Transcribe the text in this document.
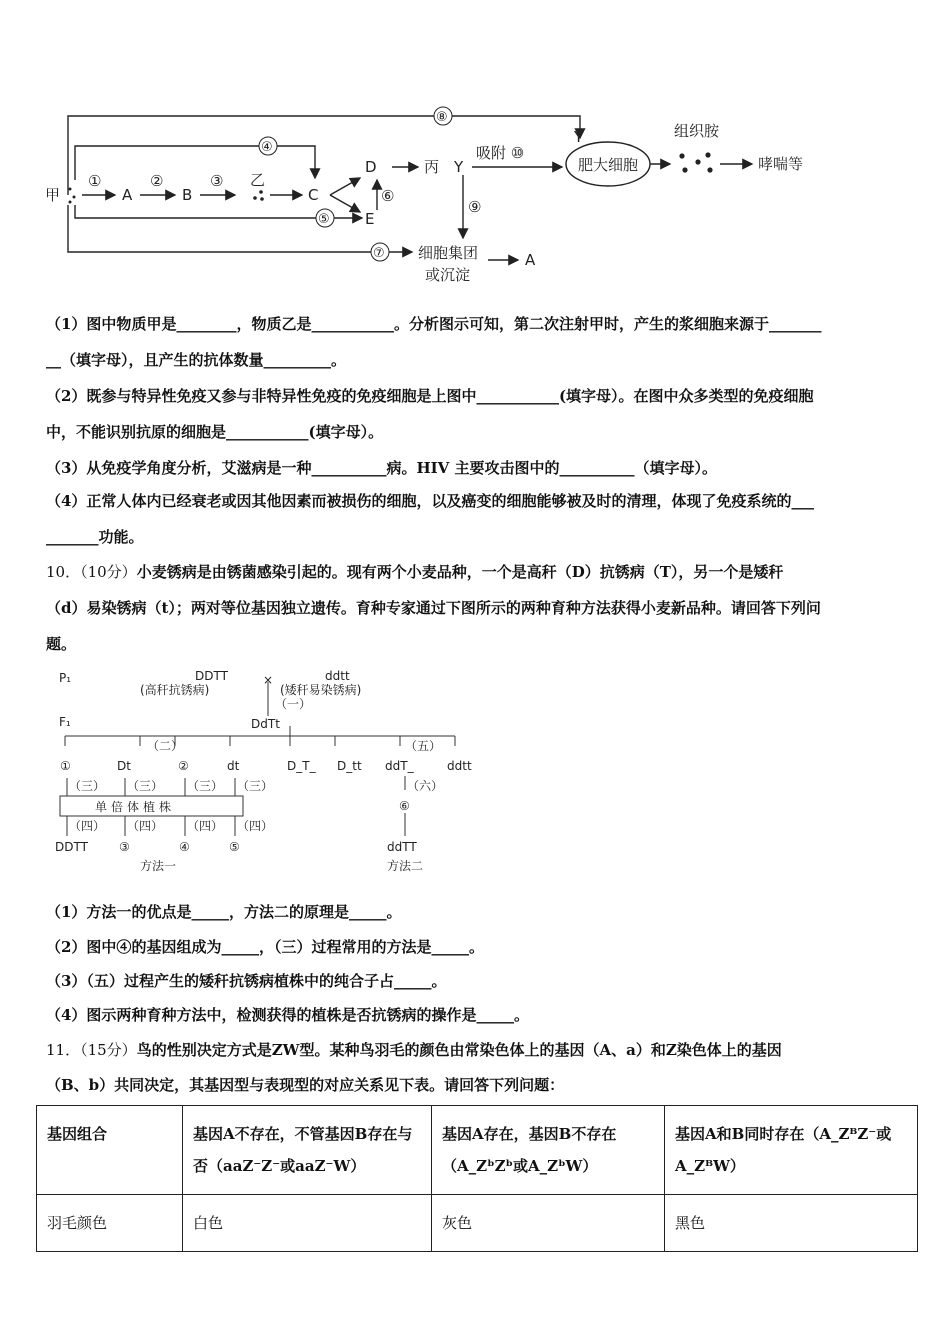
甲
①
A
②
B
③ 乙
C
D
E
⑥
丙 Y
吸附 ⑩
⑨
⑧
④
⑤
⑦
Y
肥大细胞
组织胺
哮喘等
细胞集团
或沉淀
A
（1）图中物质甲是________，物质乙是___________。分析图示可知，第二次注射甲时，产生的浆细胞来源于_______
__（填字母），且产生的抗体数量_________。
（2）既参与特异性免疫又参与非特异性免疫的免疫细胞是上图中___________(填字母）。在图中众多类型的免疫细胞
中，不能识别抗原的细胞是___________(填字母）。
（3）从免疫学角度分析，艾滋病是一种__________病。HIV 主要攻击图中的__________（填字母）。
（4）正常人体内已经衰老或因其他因素而被损伤的细胞，以及癌变的细胞能够被及时的清理，体现了免疫系统的___
_______功能。
10．（10分）小麦锈病是由锈菌感染引起的。现有两个小麦品种，一个是高秆（D）抗锈病（T），另一个是矮秆
（d）易染锈病（t）；两对等位基因独立遗传。育种专家通过下图所示的两种育种方法获得小麦新品种。请回答下列问
题。
P₁
F₁
DDTT
(高秆抗锈病)
×	ddtt
(矮秆易染锈病)
（一）
DdTt
（二）	（五）
①	Dt	②	dt	D_T_ D_tt ddT_	ddtt
（三） （三） （三） （三）	（六）
单倍体植株	⑥
（四） （四） （四） （四）
DDTT	③	④	⑤	ddTT
方法一	方法二
（1）方法一的优点是_____，方法二的原理是_____。
（2）图中④的基因组成为_____，（三）过程常用的方法是_____。
（3）（五）过程产生的矮秆抗锈病植株中的纯合子占_____。
（4）图示两种育种方法中，检测获得的植株是否抗锈病的操作是_____。
11．（15分）鸟的性别决定方式是ZW型。某种鸟羽毛的颜色由常染色体上的基因（A、a）和Z染色体上的基因
（B、b）共同决定，其基因型与表现型的对应关系见下表。请回答下列问题：
基因组合	基因A不存在，不管基因B存在与否（aaZ⁻Z⁻或aaZ⁻W）	基因A存在，基因B不存在（A_ZᵇZᵇ或A_ZᵇW）	基因A和B同时存在（A_ZᴮZ⁻或A_ZᴮW）
羽毛颜色	白色	灰色	黑色
